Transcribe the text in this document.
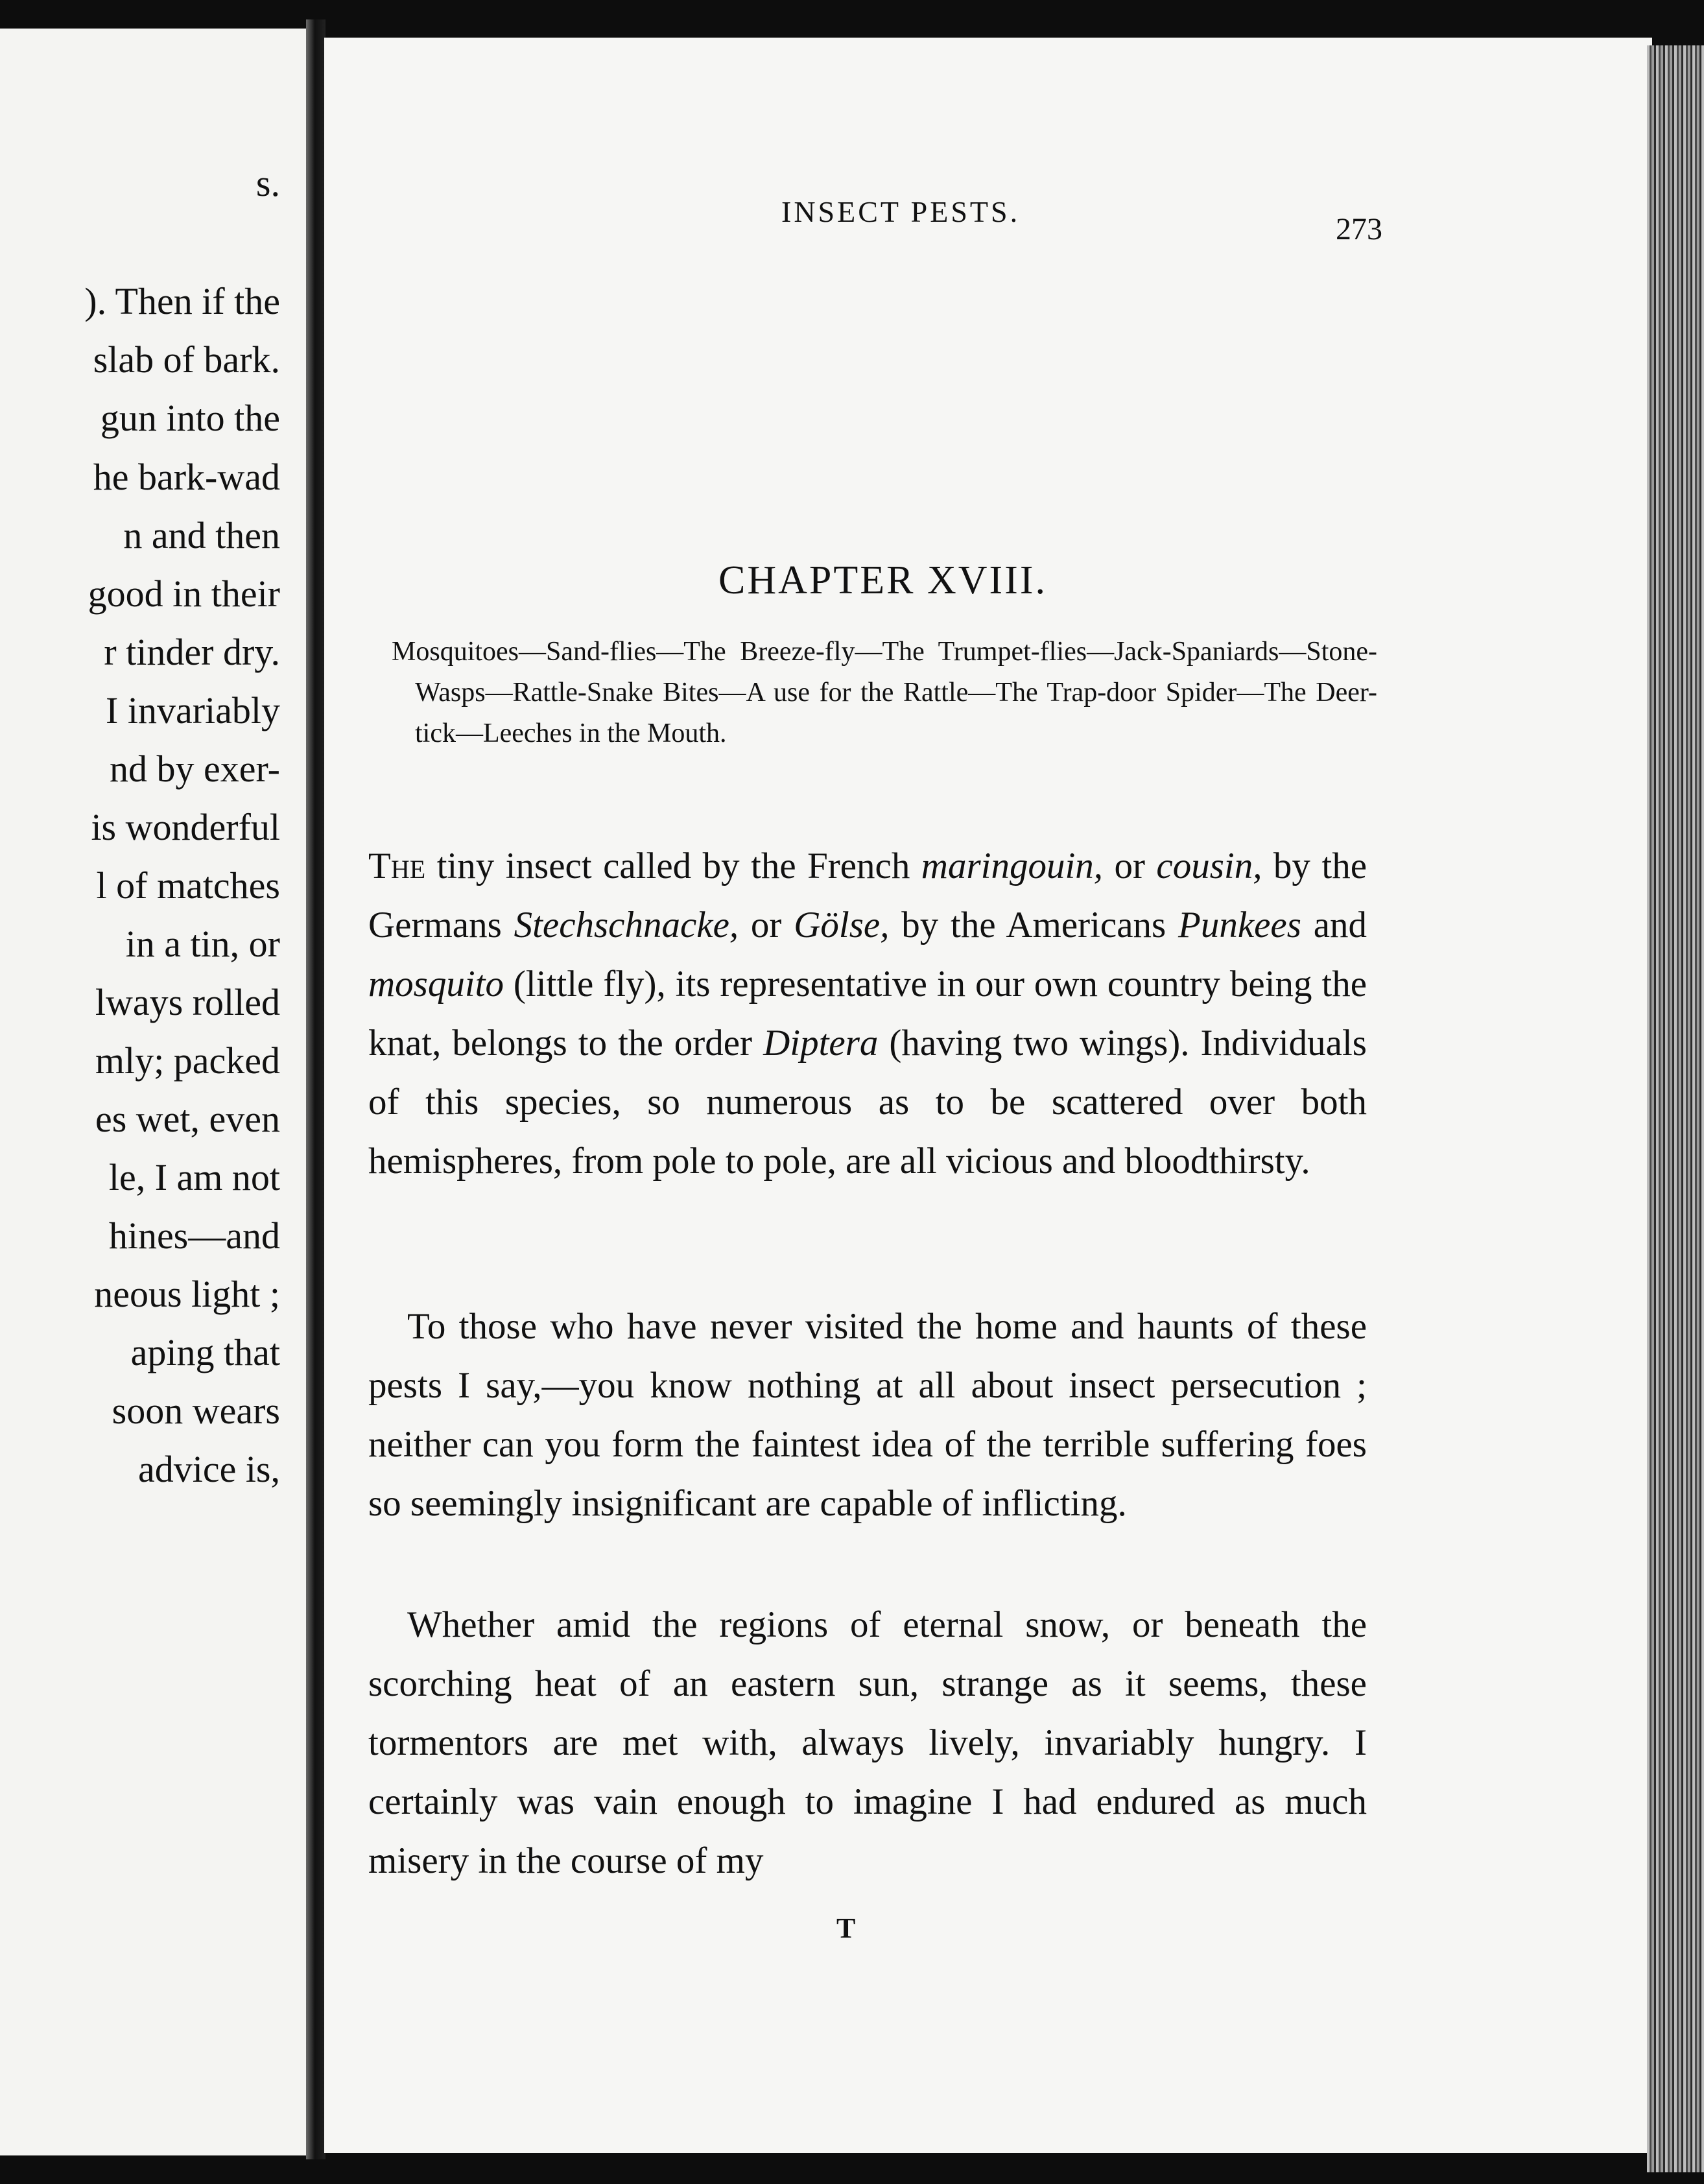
s.
). Then if the
slab of bark.
gun into the
he bark-wad
n and then
good in their
r tinder dry.
I invariably
nd by exer-
is wonderful
l of matches
in a tin, or
lways rolled
mly; packed
es wet, even
le, I am not
hines—and
neous light ;
aping that
soon wears
advice is,
INSECT PESTS.
273
CHAPTER XVIII.

Mosquitoes—Sand-flies—The Breeze-fly—The Trumpet-flies—Jack-Spaniards—Stone-Wasps—Rattle-Snake Bites—A use for the Rattle—The Trap-door Spider—The Deer-tick—Leeches in the Mouth.

The tiny insect called by the French maringouin, or cousin, by the Germans Stechschnacke, or Gölse, by the Americans Punkees and mosquito (little fly), its representative in our own country being the knat, belongs to the order Diptera (having two wings). Individuals of this species, so numerous as to be scattered over both hemispheres, from pole to pole, are all vicious and bloodthirsty.

To those who have never visited the home and haunts of these pests I say,—you know nothing at all about insect persecution ; neither can you form the faintest idea of the terrible suffering foes so seemingly insignificant are capable of inflicting.

Whether amid the regions of eternal snow, or beneath the scorching heat of an eastern sun, strange as it seems, these tormentors are met with, always lively, invariably hungry. I certainly was vain enough to imagine I had endured as much misery in the course of my

T
